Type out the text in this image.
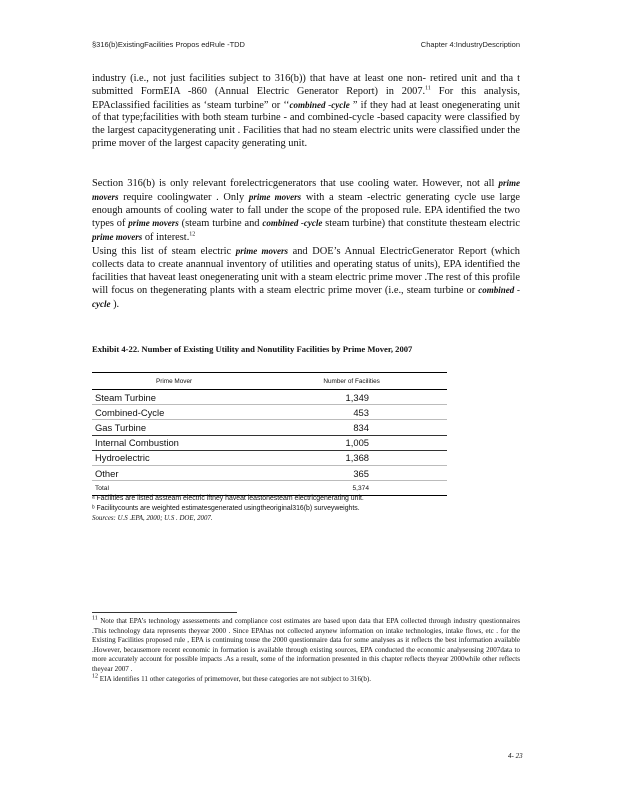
§316(b)ExistingFacilities Propos edRule -TDD	Chapter 4:IndustryDescription
industry (i.e., not just facilities subject to 316(b)) that have at least one non- retired unit and tha t submitted FormEIA -860 (Annual Electric Generator Report) in 2007.11 For this analysis, EPAclassified facilities as ‘steam turbine” or ‘‘combined -cycle ” if they had at least onegenerating unit of that type;facilities with both steam turbine - and combined-cycle -based capacity were classified by the largest capacitygenerating unit . Facilities that had no steam electric units were classified under the prime mover of the largest capacity generating unit.
Section 316(b) is only relevant forelectricgenerators that use cooling water. However, not all prime movers require coolingwater . Only prime movers with a steam -electric generating cycle use large enough amounts of cooling water to fall under the scope of the proposed rule. EPA identified the two types of prime movers (steam turbine and combined -cycle steam turbine) that constitute thesteam electric prime movers of interest.$^{12}$
Using this list of steam electric prime movers and DOE’s Annual ElectricGenerator Report (which collects data to create anannual inventory of utilities and operating status of units), EPA identified the facilities that haveat least onegenerating unit with a steam electric prime mover .The rest of this profile will focus on thegenerating plants with a steam electric prime mover (i.e., steam turbine or combined -cycle ).
Exhibit 4-22. Number of Existing Utility and Nonutility Facilities by Prime Mover, 2007
Prime Mover	Number of Facilities
Steam Turbine	1,349
Combined-Cycle	453
Gas Turbine	834
Internal Combustion	1,005
Hydroelectric	1,368
Other	365
Total	5,374
ᵃ Facilities are listed assteam electric iftney haveat leastonesteam electricgenerating unit.
ᵇ Facilitycounts are weighted estimatesgenerated usingtheoriginal316(b) surveyweights.
Sources: U.S .EPA, 2000; U.S . DOE, 2007.
$^{11}$ Note that EPA’s technology assessements and compliance cost estimates are based upon data that EPA collected through industry questionnaires .This technology data represents theyear 2000 . Since EPAhas not collected anynew information on intake technologies, intake flows, etc . for the Existing Facilities proposed rule , EPA is continuing touse the 2000 questionnaire data for some analyses as it reflects the best information available .However, becausemore recent economic in formation is available through existing sources, EPA conducted the economic analyseusing 2007data to more accurately account for possible impacts .As a result, some of the information presented in this chapter reflects theyear 2000while other reflects theyear 2007 .
$^{12}$ EIA identifies 11 other categories of primemover, but these categories are not subject to 316(b).
4- 23
